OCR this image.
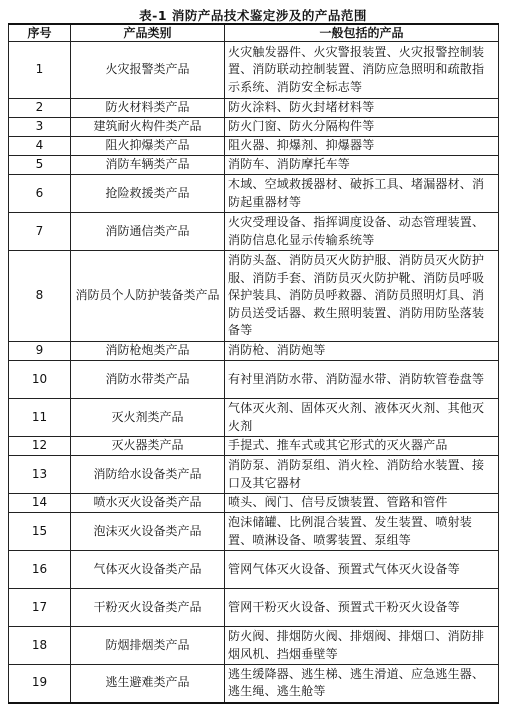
表-1 消防产品技术鉴定涉及的产品范围
序号	产品类别	一般包括的产品
1	火灾报警类产品	火灾触发器件、火灾警报装置、火灾报警控制装置、消防联动控制装置、消防应急照明和疏散指示系统、消防安全标志等
2	防火材料类产品	防火涂料、防火封堵材料等
3	建筑耐火构件类产品	防火门窗、防火分隔构件等
4	阻火抑爆类产品	阻火器、抑爆剂、抑爆器等
5	消防车辆类产品	消防车、消防摩托车等
6	抢险救援类产品	木域、空域救援器材、破拆工具、堵漏器材、消防起重器材等
7	消防通信类产品	火灾受理设备、指挥调度设备、动态管理装置、消防信息化显示传输系统等
8	消防员个人防护装备类产品	消防头盔、消防员灭火防护服、消防员灭火防护服、消防手套、消防员灭火防护靴、消防员呼吸保护装具、消防员呼救器、消防员照明灯具、消防员送受话器、救生照明装置、消防用防坠落装备等
9	消防枪炮类产品	消防枪、消防炮等
10	消防水带类产品	有衬里消防水带、消防湿水带、消防软管卷盘等
11	灭火剂类产品	气体灭火剂、固体灭火剂、液体灭火剂、其他灭火剂
12	灭火器类产品	手提式、推车式或其它形式的灭火器产品
13	消防给水设备类产品	消防泵、消防泵组、消火栓、消防给水装置、接口及其它器材
14	喷水灭火设备类产品	喷头、阀门、信号反馈装置、管路和管件
15	泡沫灭火设备类产品	泡沫储罐、比例混合装置、发生装置、喷射装置、喷淋设备、喷雾装置、泵组等
16	气体灭火设备类产品	管网气体灭火设备、预置式气体灭火设备等
17	干粉灭火设备类产品	管网干粉灭火设备、预置式干粉灭火设备等
18	防烟排烟类产品	防火阀、排烟防火阀、排烟阀、排烟口、消防排烟风机、挡烟垂壁等
19	逃生避难类产品	逃生缓降器、逃生梯、逃生滑道、应急逃生器、逃生绳、逃生舱等
